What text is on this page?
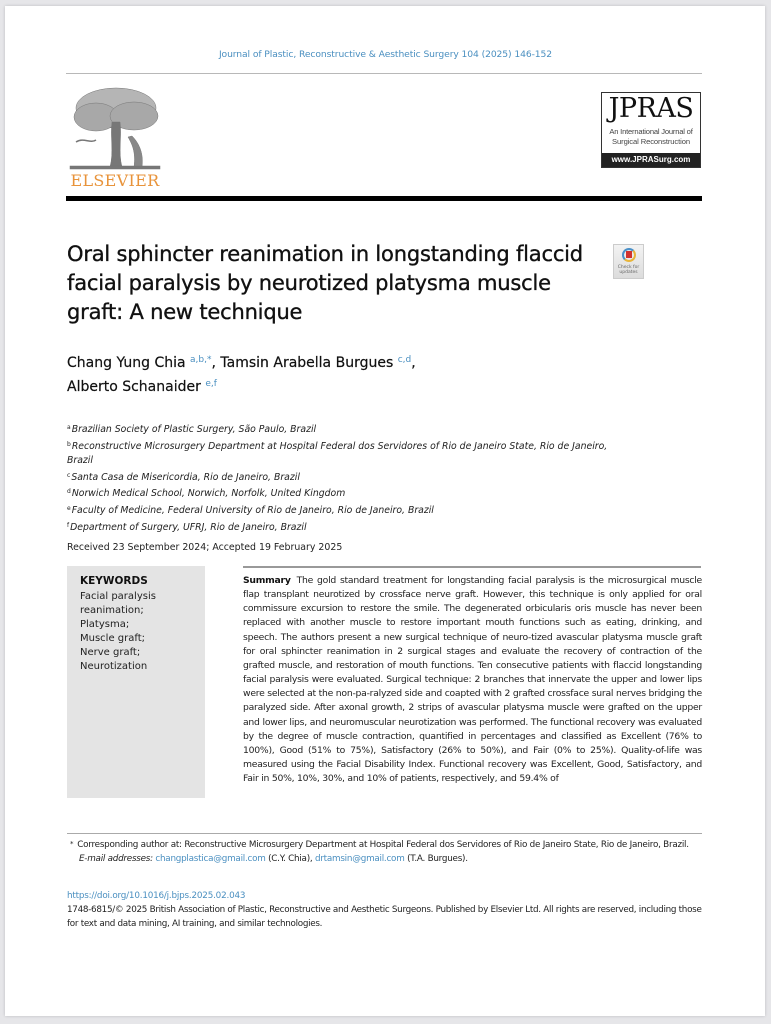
Journal of Plastic, Reconstructive & Aesthetic Surgery 104 (2025) 146-152
ELSEVIER
JPRAS
An International Journal of
Surgical Reconstruction
www.JPRASurg.com
Oral sphincter reanimation in longstanding flaccid facial paralysis by neurotized platysma muscle graft: A new technique
Check for
updates
Chang Yung Chia $^{a,b,*}$, Tamsin Arabella Burgues $^{c,d}$,
Alberto Schanaider $^{e,f}$
$^a$Brazilian Society of Plastic Surgery, São Paulo, Brazil
$^b$Reconstructive Microsurgery Department at Hospital Federal dos Servidores of Rio de Janeiro State, Rio de Janeiro, Brazil
$^c$Santa Casa de Misericordia, Rio de Janeiro, Brazil
$^d$Norwich Medical School, Norwich, Norfolk, United Kingdom
$^e$Faculty of Medicine, Federal University of Rio de Janeiro, Rio de Janeiro, Brazil
$^f$Department of Surgery, UFRJ, Rio de Janeiro, Brazil
Received 23 September 2024; Accepted 19 February 2025
KEYWORDS
Facial paralysis
reanimation;
Platysma;
Muscle graft;
Nerve graft;
Neurotization

Summary The gold standard treatment for longstanding facial paralysis is the microsurgical muscle flap transplant neurotized by crossface nerve graft. However, this technique is only applied for oral commissure excursion to restore the smile. The degenerated orbicularis oris muscle has never been replaced with another muscle to restore important mouth functions such as eating, drinking, and speech. The authors present a new surgical technique of neuro-tized avascular platysma muscle graft for oral sphincter reanimation in 2 surgical stages and evaluate the recovery of contraction of the grafted muscle, and restoration of mouth functions. Ten consecutive patients with flaccid longstanding facial paralysis were evaluated. Surgical technique: 2 branches that innervate the upper and lower lips were selected at the non-pa-ralyzed side and coapted with 2 grafted crossface sural nerves bridging the paralyzed side. After axonal growth, 2 strips of avascular platysma muscle were grafted on the upper and lower lips, and neuromuscular neurotization was performed. The functional recovery was evaluated by the degree of muscle contraction, quantified in percentages and classified as Excellent (76% to 100%), Good (51% to 75%), Satisfactory (26% to 50%), and Fair (0% to 25%). Quality-of-life was measured using the Facial Disability Index. Functional recovery was Excellent, Good, Satisfactory, and Fair in 50%, 10%, 30%, and 10% of patients, respectively, and 59.4% of

* Corresponding author at: Reconstructive Microsurgery Department at Hospital Federal dos Servidores of Rio de Janeiro State, Rio de Janeiro, Brazil.
E-mail addresses: changplastica@gmail.com (C.Y. Chia), drtamsin@gmail.com (T.A. Burgues).
https://doi.org/10.1016/j.bjps.2025.02.043
1748-6815/© 2025 British Association of Plastic, Reconstructive and Aesthetic Surgeons. Published by Elsevier Ltd. All rights are reserved, including those for text and data mining, AI training, and similar technologies.
